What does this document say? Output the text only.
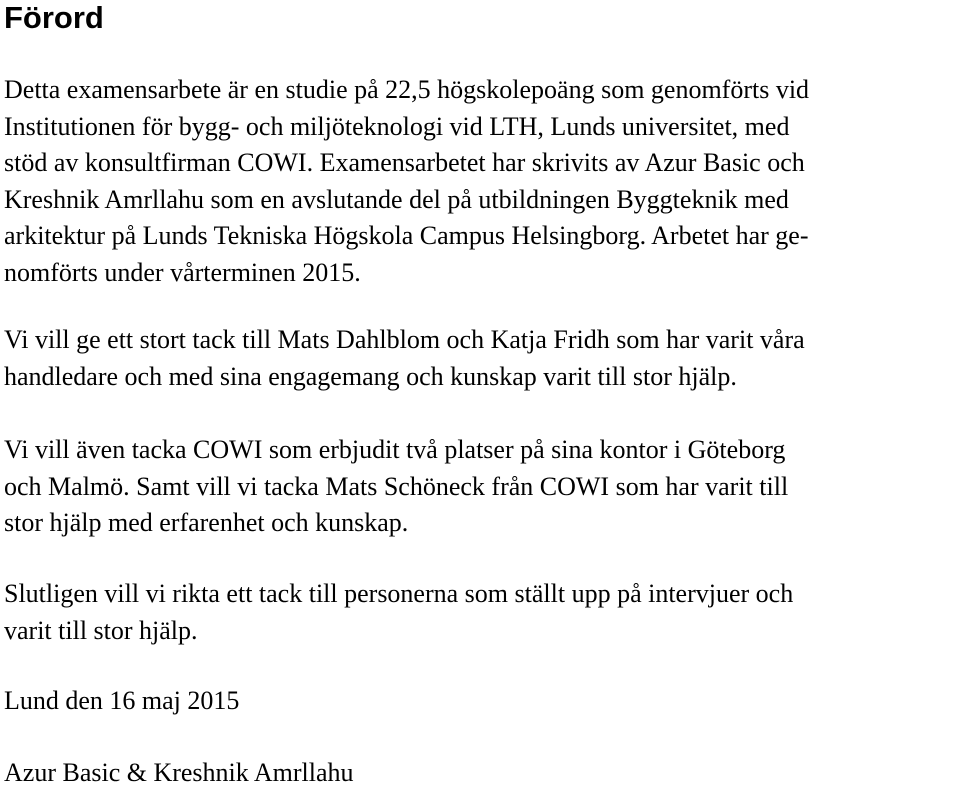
Förord

Detta examensarbete är en studie på 22,5 högskolepoäng som genomförts vid
Institutionen för bygg- och miljöteknologi vid LTH, Lunds universitet, med
stöd av konsultfirman COWI. Examensarbetet har skrivits av Azur Basic och
Kreshnik Amrllahu som en avslutande del på utbildningen Byggteknik med
arkitektur på Lunds Tekniska Högskola Campus Helsingborg. Arbetet har ge-
nomförts under vårterminen 2015.

Vi vill ge ett stort tack till Mats Dahlblom och Katja Fridh som har varit våra
handledare och med sina engagemang och kunskap varit till stor hjälp.

Vi vill även tacka COWI som erbjudit två platser på sina kontor i Göteborg
och Malmö. Samt vill vi tacka Mats Schöneck från COWI som har varit till
stor hjälp med erfarenhet och kunskap.

Slutligen vill vi rikta ett tack till personerna som ställt upp på intervjuer och
varit till stor hjälp.

Lund den 16 maj 2015

Azur Basic & Kreshnik Amrllahu
